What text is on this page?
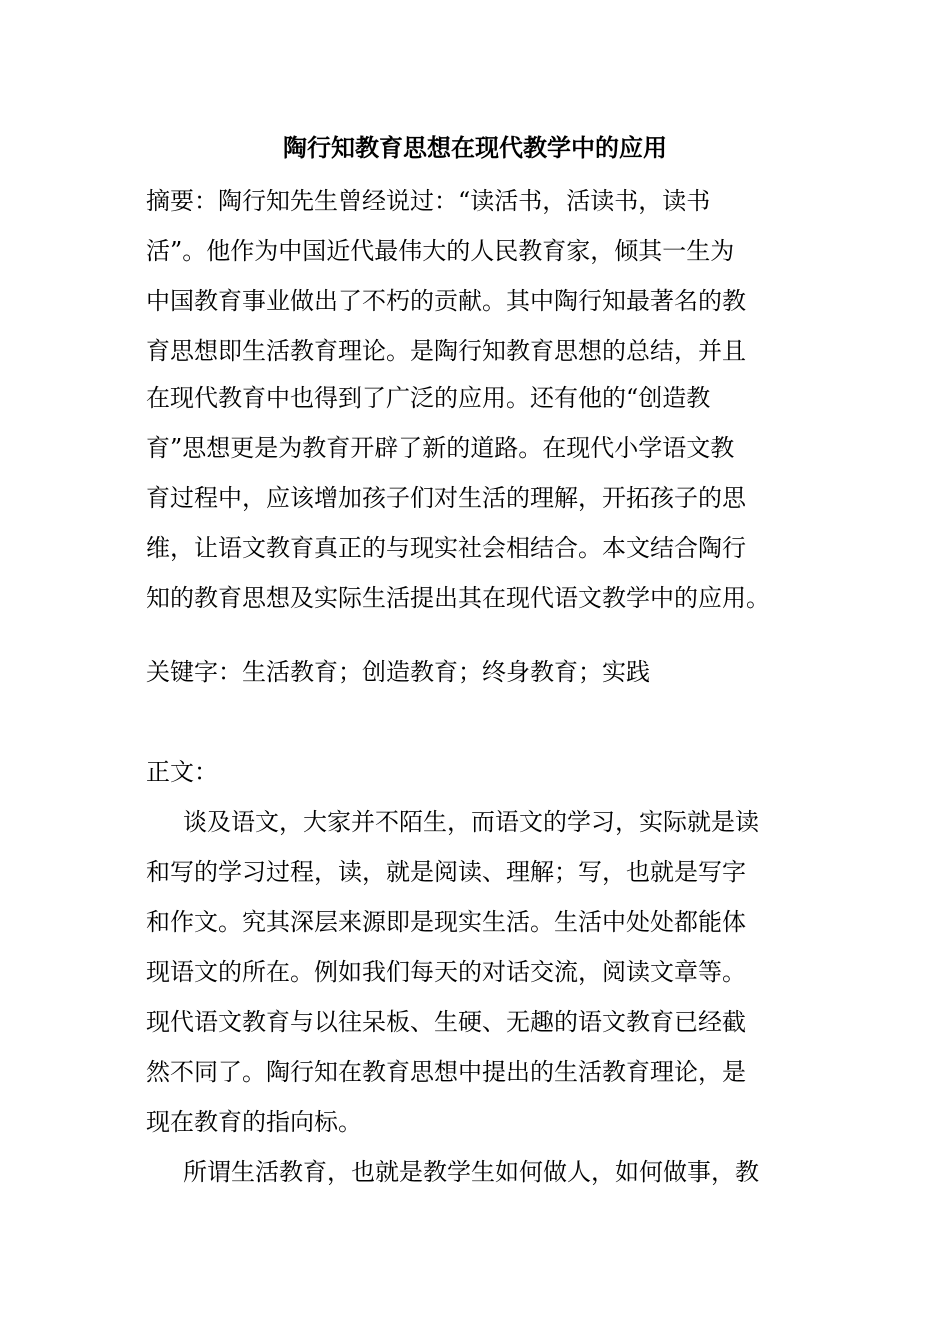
陶行知教育思想在现代教学中的应用
摘要：陶行知先生曾经说过：“读活书，活读书，读书
活”。他作为中国近代最伟大的人民教育家，倾其一生为
中国教育事业做出了不朽的贡献。其中陶行知最著名的教
育思想即生活教育理论。是陶行知教育思想的总结，并且
在现代教育中也得到了广泛的应用。还有他的“创造教
育”思想更是为教育开辟了新的道路。在现代小学语文教
育过程中，应该增加孩子们对生活的理解，开拓孩子的思
维，让语文教育真正的与现实社会相结合。本文结合陶行
知的教育思想及实际生活提出其在现代语文教学中的应用。
关键字：生活教育；创造教育；终身教育；实践
正文：
谈及语文，大家并不陌生，而语文的学习，实际就是读
和写的学习过程，读，就是阅读、理解；写，也就是写字
和作文。究其深层来源即是现实生活。生活中处处都能体
现语文的所在。例如我们每天的对话交流，阅读文章等。
现代语文教育与以往呆板、生硬、无趣的语文教育已经截
然不同了。陶行知在教育思想中提出的生活教育理论，是
现在教育的指向标。
所谓生活教育，也就是教学生如何做人，如何做事，教
